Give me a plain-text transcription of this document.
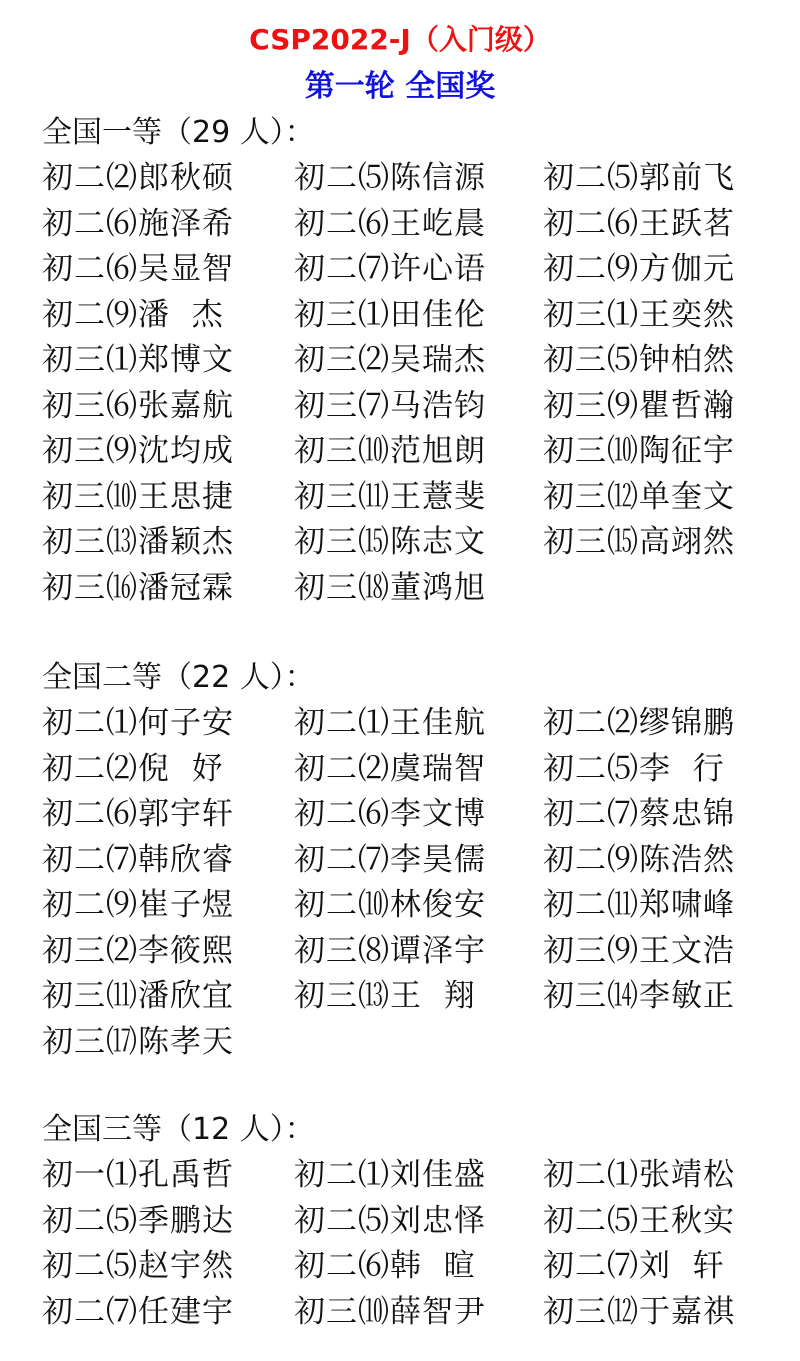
CSP2022-J（入门级）
第一轮 全国奖
全国一等（29 人）：
初二⑵郎秋硕 初二⑸陈信源 初二⑸郭前飞
初二⑹施泽希 初二⑹王屹晨 初二⑹王跃茗
初二⑹吴显智 初二⑺许心语 初二⑼方伽元
初二⑼潘  杰 初三⑴田佳伦 初三⑴王奕然
初三⑴郑博文 初三⑵吴瑞杰 初三⑸钟柏然
初三⑹张嘉航 初三⑺马浩钧 初三⑼瞿哲瀚
初三⑼沈均成 初三⑽范旭朗 初三⑽陶征宇
初三⑽王思捷 初三⑾王薏斐 初三⑿单奎文
初三⒀潘颖杰 初三⒂陈志文 初三⒂高翊然
初三⒃潘冠霖 初三⒅董鸿旭
全国二等（22 人）：
初二⑴何子安 初二⑴王佳航 初二⑵缪锦鹏
初二⑵倪  妤 初二⑵虞瑞智 初二⑸李  行
初二⑹郭宇轩 初二⑹李文博 初二⑺蔡忠锦
初二⑺韩欣睿 初二⑺李昊儒 初二⑼陈浩然
初二⑼崔子煜 初二⑽林俊安 初二⑾郑啸峰
初三⑵李筱熙 初三⑻谭泽宇 初三⑼王文浩
初三⑾潘欣宜 初三⒀王  翔 初三⒁李敏正
初三⒄陈孝天
全国三等（12 人）：
初一⑴孔禹哲 初二⑴刘佳盛 初二⑴张靖松
初二⑸季鹏达 初二⑸刘忠怿 初二⑸王秋实
初二⑸赵宇然 初二⑹韩  暄 初二⑺刘  轩
初二⑺任建宇 初三⑽薛智尹 初三⑿于嘉祺
